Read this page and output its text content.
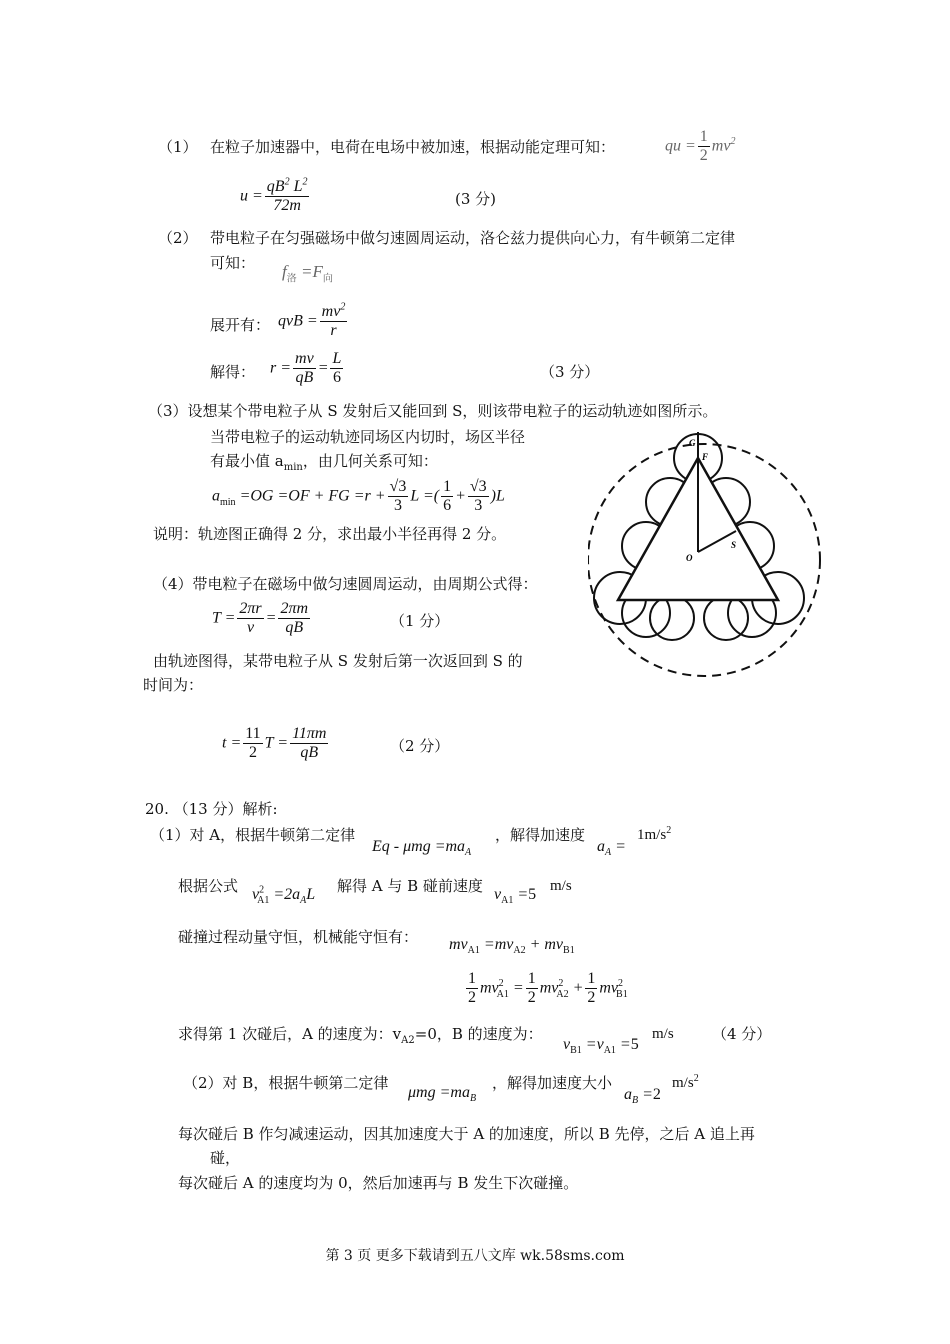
（1） 在粒子加速器中，电荷在电场中被加速，根据动能定理可知：	qu = $\frac{1}{2} mv^2$
$u = \frac{qB^2 L^2}{72m}$	(3 分)
（2） 带电粒子在匀强磁场中做匀速圆周运动，洛仑兹力提供向心力，有牛顿第二定律
可知： $f_洛 =F_向$
展开有： qvB = $\frac{mv^2}{r}$
解得： $r = \frac{mv}{qB} = \frac{L}{6}$	（3 分）
（3）设想某个带电粒子从 S 发射后又能回到 S，则该带电粒子的运动轨迹如图所示。
当带电粒子的运动轨迹同场区内切时，场区半径
有最小值 $a_{min}$，由几何关系可知：
$a_{min} =OG =OF$ + FG $=r + \frac{√3}{3}$ L =( $\frac{1}{6} + \frac{√3}{3} )L$
说明：轨迹图正确得 2 分，求出最小半径再得 2 分。
G
F
O
S
（4）带电粒子在磁场中做匀速圆周运动，由周期公式得：
$T = \frac{2\pi r}{v} = \frac{2\pi m}{qB}$	（1 分）
由轨迹图得，某带电粒子从 S 发射后第一次返回到 S 的
时间为：
$t = \frac{11}{2}$ $T = \frac{11\pi m}{qB}$	（2 分）
20. （13 分）解析:
（1）对 A，根据牛顿第二定律
$Eq - \mu mg =ma_A$
，解得加速度
$a_A$ =
$1m/s^2$
根据公式 $v^2_{A1} =2a_AL$ 解得 A 与 B 碰前速度 $v_{A1} =5$ m/s
碰撞过程动量守恒，机械能守恒有： $mv_{A1} =mv_{A2} + mv_{B1}$
$\frac{1}{2} mv^2_{A1} = \frac{1}{2} mv^2_{A2} + \frac{1}{2} mv^2_{B1}$
求得第 1 次碰后，A 的速度为：$v_{A2}=0$，B 的速度为：
$v_{B1} =v_{A1} =5$
m/s	（4 分）
（2）对 B，根据牛顿第二定律
$\mu mg =ma_B$
，解得加速度大小
$a_B =2$
$m/s^2$
每次碰后 B 作匀减速运动，因其加速度大于 A 的加速度，所以 B 先停，之后 A 追上再
碰，
每次碰后 A 的速度均为 0，然后加速再与 B 发生下次碰撞。
第 3 页 更多下载请到五八文库 wk.58sms.com
